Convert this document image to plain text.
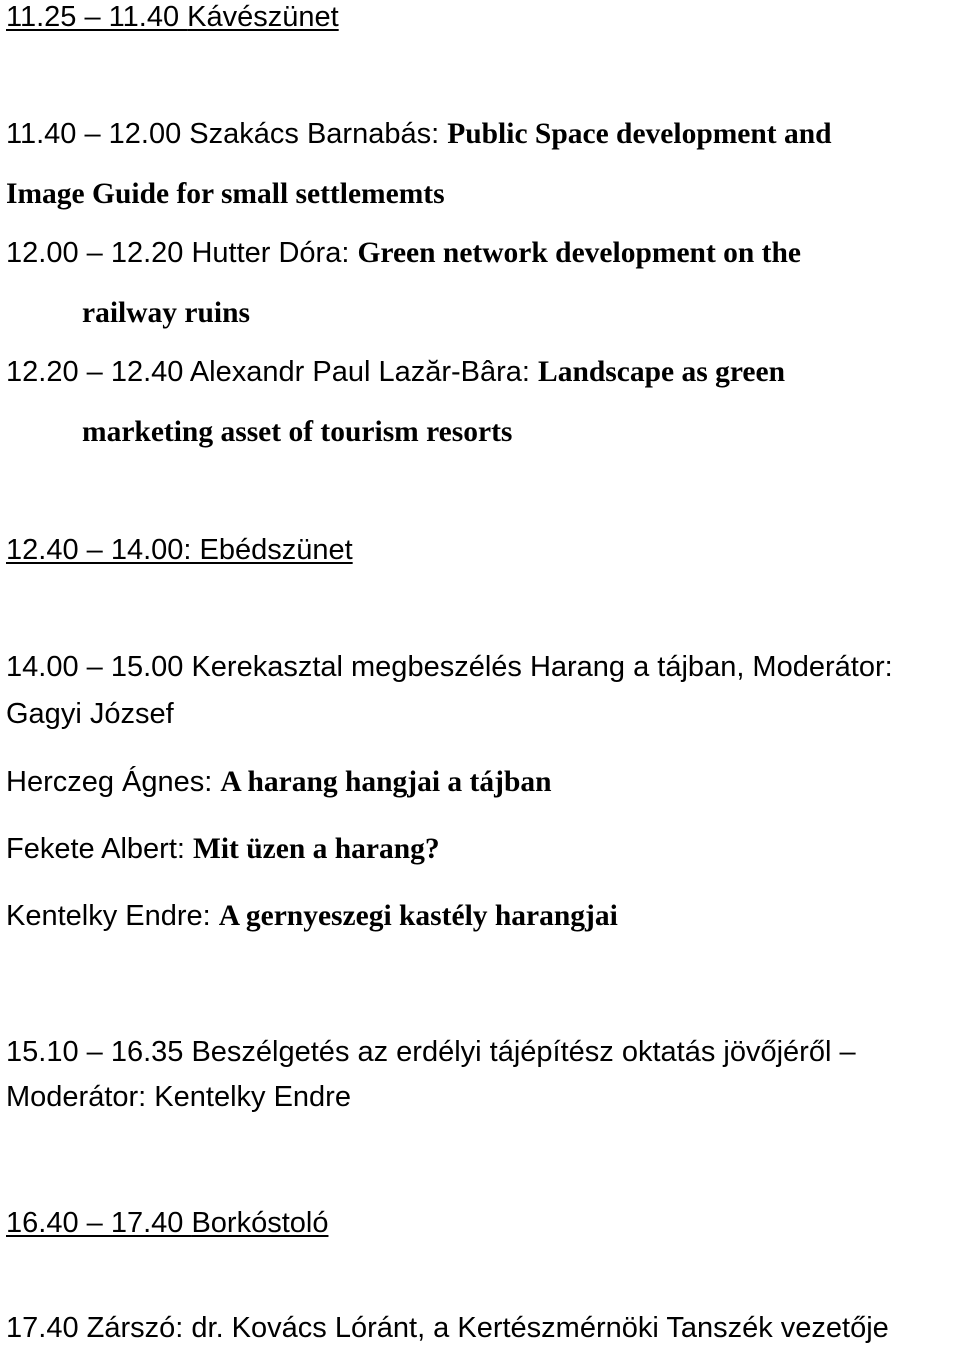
11.25 – 11.40 Kávészünet

11.40 – 12.00 Szakács Barnabás: Public Space development and

Image Guide for small settlememts

12.00 – 12.20 Hutter Dóra: Green network development on the

railway ruins

12.20 – 12.40 Alexandr Paul Lazăr-Bâra: Landscape as green

marketing asset of tourism resorts

12.40 – 14.00: Ebédszünet

14.00 – 15.00 Kerekasztal megbeszélés Harang a tájban, Moderátor:

Gagyi József

Herczeg Ágnes: A harang hangjai a tájban

Fekete Albert: Mit üzen a harang?

Kentelky Endre: A gernyeszegi kastély harangjai

15.10 – 16.35 Beszélgetés az erdélyi tájépítész oktatás jövőjéről –

Moderátor: Kentelky Endre

16.40 – 17.40 Borkóstoló

17.40 Zárszó: dr. Kovács Lóránt, a Kertészmérnöki Tanszék vezetője
